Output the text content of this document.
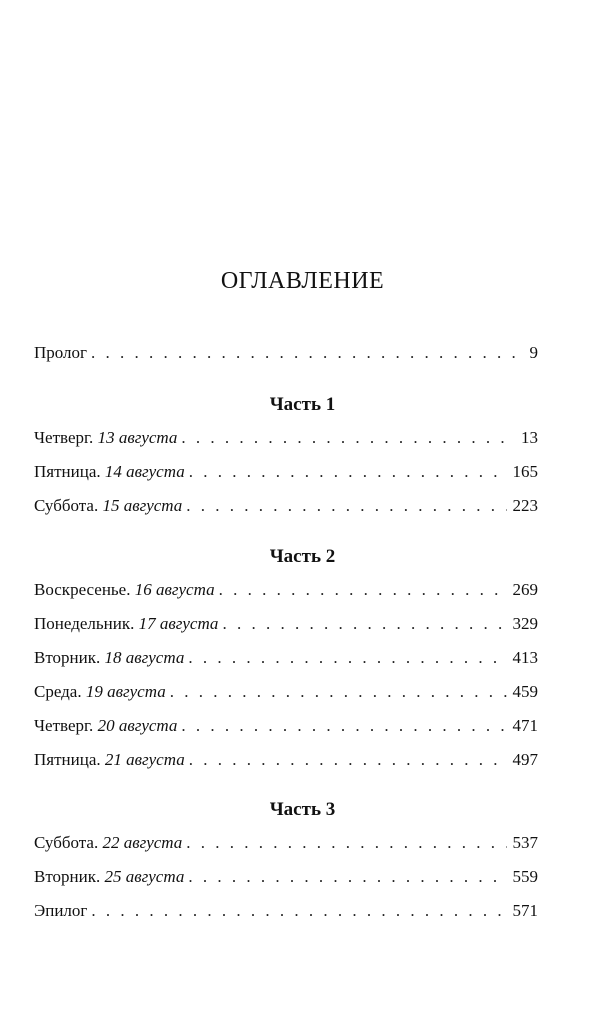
ОГЛАВЛЕНИЕ
Пролог . . .	9
Часть 1
Четверг. 13 августа . . .	13
Пятница. 14 августа . . .	165
Суббота. 15 августа . . .	223
Часть 2
Воскресенье. 16 августа . . .	269
Понедельник. 17 августа . . .	329
Вторник. 18 августа . . .	413
Среда. 19 августа . . .	459
Четверг. 20 августа . . .	471
Пятница. 21 августа . . .	497
Часть 3
Суббота. 22 августа . . .	537
Вторник. 25 августа . . .	559
Эпилог . . .	571
